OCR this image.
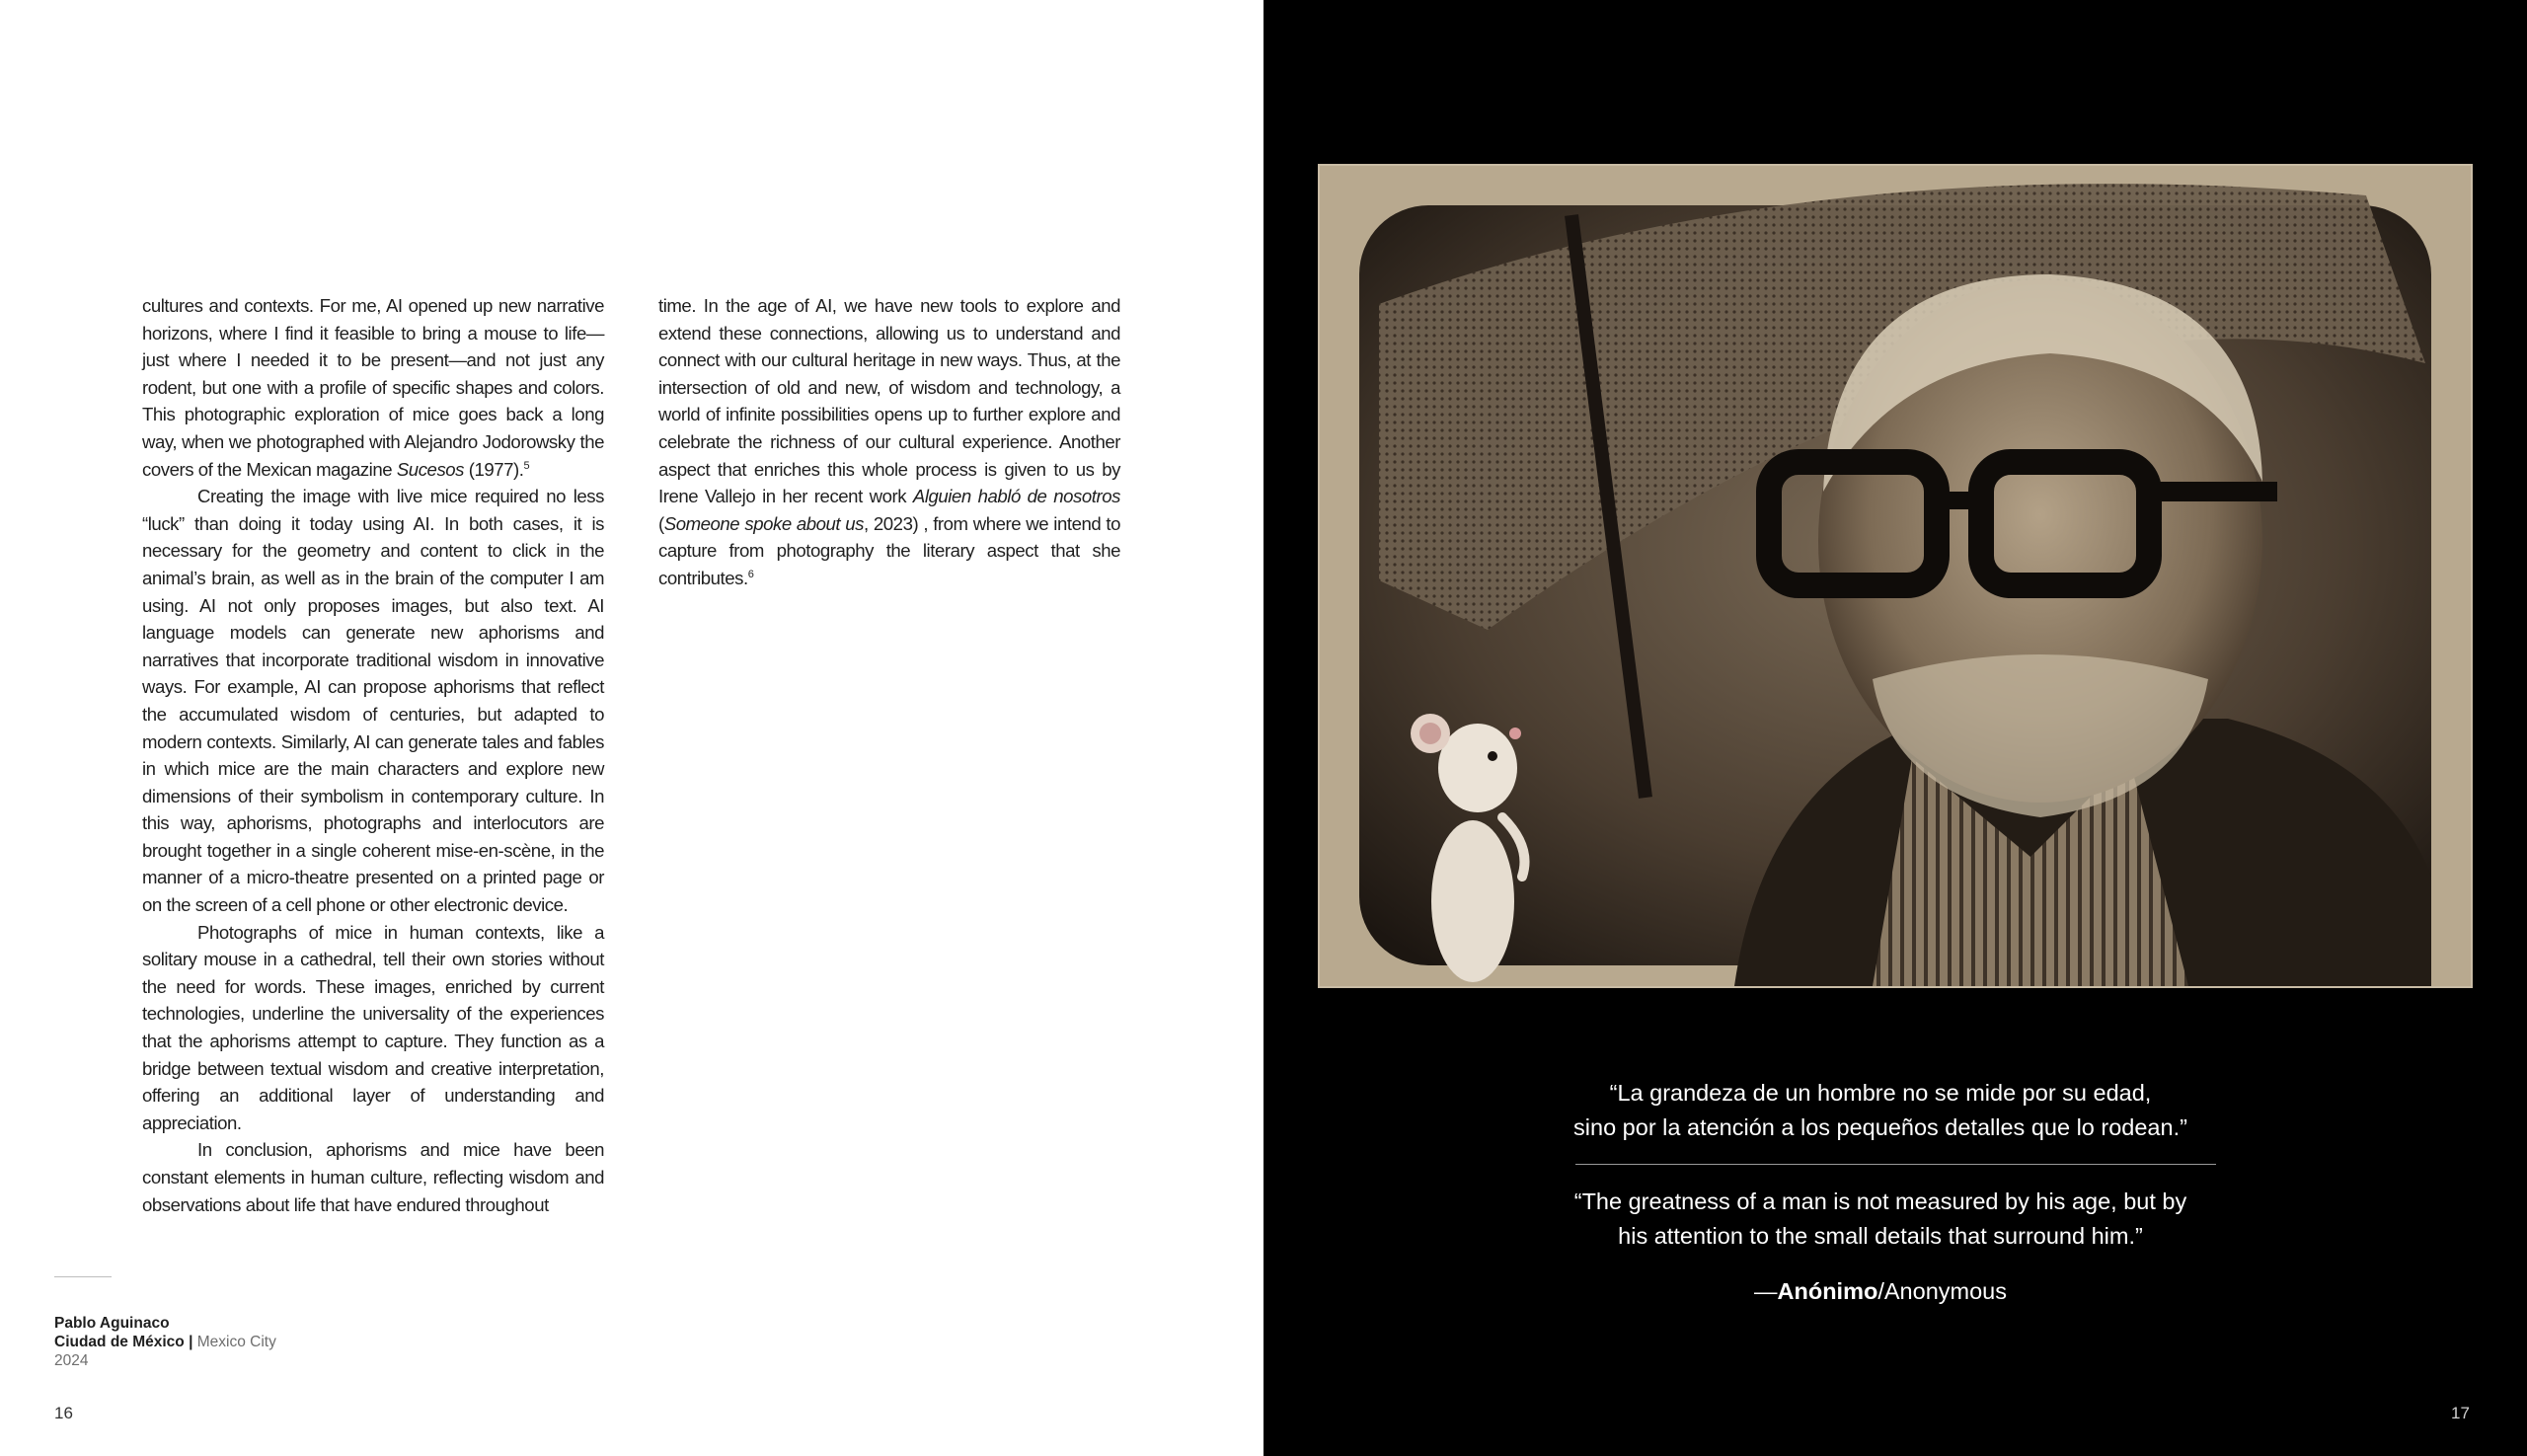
cultures and contexts. For me, AI opened up new narrative horizons, where I find it feasible to bring a mouse to life—just where I needed it to be present—and not just any rodent, but one with a profile of specific shapes and colors. This photographic exploration of mice goes back a long way, when we photographed with Alejandro Jodorowsky the covers of the Mexican magazine Sucesos (1977).$^5$

Creating the image with live mice required no less “luck” than doing it today using AI. In both cases, it is necessary for the geometry and content to click in the animal’s brain, as well as in the brain of the computer I am using. AI not only proposes images, but also text. AI language models can generate new aphorisms and narratives that incorporate traditional wisdom in innovative ways. For example, AI can propose aphorisms that reflect the accumulated wisdom of centuries, but adapted to modern contexts. Similarly, AI can generate tales and fables in which mice are the main characters and explore new dimensions of their symbolism in contemporary culture. In this way, aphorisms, photographs and interlocutors are brought together in a single coherent mise-en-scène, in the manner of a micro-theatre presented on a printed page or on the screen of a cell phone or other electronic device.

Photographs of mice in human contexts, like a solitary mouse in a cathedral, tell their own stories without the need for words. These images, enriched by current technologies, underline the universality of the experiences that the aphorisms attempt to capture. They function as a bridge between textual wisdom and creative interpretation, offering an additional layer of understanding and appreciation.

In conclusion, aphorisms and mice have been constant elements in human culture, reflecting wisdom and observations about life that have endured throughout

time. In the age of AI, we have new tools to explore and extend these connections, allowing us to understand and connect with our cultural heritage in new ways. Thus, at the intersection of old and new, of wisdom and technology, a world of infinite possibilities opens up to further explore and celebrate the richness of our cultural experience. Another aspect that enriches this whole process is given to us by Irene Vallejo in her recent work Alguien habló de nosotros (Someone spoke about us, 2023) , from where we intend to capture from photography the literary aspect that she contributes.$^6$

Pablo Aguinaco
Ciudad de México | Mexico City
2024
16
“La grandeza de un hombre no se mide por su edad,
sino por la atención a los pequeños detalles que lo rodean.”
“The greatness of a man is not measured by his age, but by
his attention to the small details that surround him.”
—Anónimo/Anonymous
17
